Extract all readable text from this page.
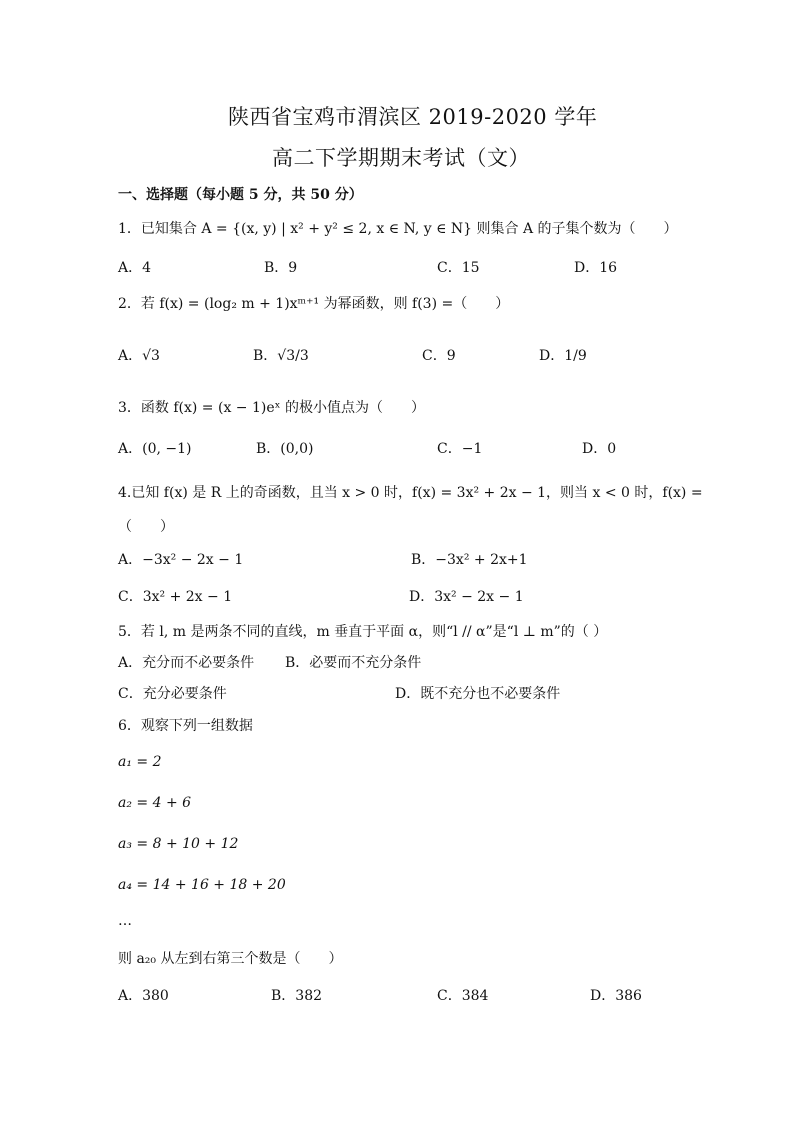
陕西省宝鸡市渭滨区 2019-2020 学年
高二下学期期末考试（文）
一、选择题（每小题 5 分，共 50 分）
1．已知集合 A = {(x, y) | x² + y² ≤ 2, x ∈ N, y ∈ N} 则集合 A 的子集个数为（　　）
A．4	B．9	C．15	D．16
2．若 f(x) = (log₂ m + 1)xᵐ⁺¹ 为幂函数，则 f(3) =（　　）
A．√3	B．√3/3	C．9	D．1/9
3．函数 f(x) = (x − 1)eˣ 的极小值点为（　　）
A．(0, −1)	B．(0,0)	C．−1	D．0
4.已知 f(x) 是 R 上的奇函数，且当 x > 0 时，f(x) = 3x² + 2x − 1，则当 x < 0 时，f(x) =
（　　）
A．−3x² − 2x − 1	B．−3x² + 2x+1
C．3x² + 2x − 1	D．3x² − 2x − 1
5．若 l, m 是两条不同的直线，m 垂直于平面 α，则“l // α”是“l ⊥ m”的（ ）
A．充分而不必要条件 B．必要而不充分条件
C．充分必要条件	D．既不充分也不必要条件
6．观察下列一组数据
a₁ = 2
a₂ = 4 + 6
a₃ = 8 + 10 + 12
a₄ = 14 + 16 + 18 + 20
…
则 a₂₀ 从左到右第三个数是（　　）
A．380	B．382	C．384	D．386
